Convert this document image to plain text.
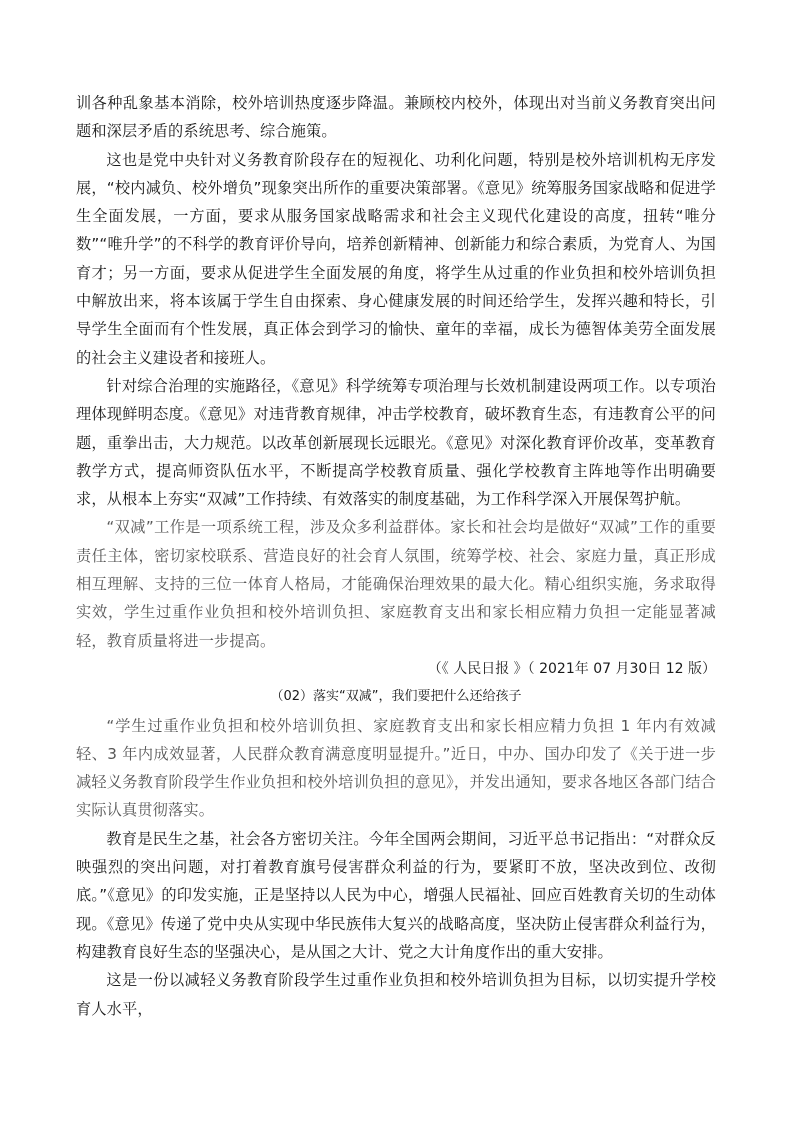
训各种乱象基本消除，校外培训热度逐步降温。兼顾校内校外，体现出对当前义务教育突出问题和深层矛盾的系统思考、综合施策。

这也是党中央针对义务教育阶段存在的短视化、功利化问题，特别是校外培训机构无序发展，“校内减负、校外增负”现象突出所作的重要决策部署。《意见》统筹服务国家战略和促进学生全面发展，一方面，要求从服务国家战略需求和社会主义现代化建设的高度，扭转“唯分数”“唯升学”的不科学的教育评价导向，培养创新精神、创新能力和综合素质，为党育人、为国育才；另一方面，要求从促进学生全面发展的角度，将学生从过重的作业负担和校外培训负担中解放出来，将本该属于学生自由探索、身心健康发展的时间还给学生，发挥兴趣和特长，引导学生全面而有个性发展，真正体会到学习的愉快、童年的幸福，成长为德智体美劳全面发展的社会主义建设者和接班人。

针对综合治理的实施路径，《意见》科学统筹专项治理与长效机制建设两项工作。以专项治理体现鲜明态度。《意见》对违背教育规律，冲击学校教育，破坏教育生态，有违教育公平的问题，重拳出击，大力规范。以改革创新展现长远眼光。《意见》对深化教育评价改革，变革教育教学方式，提高师资队伍水平，不断提高学校教育质量、强化学校教育主阵地等作出明确要求，从根本上夯实“双减”工作持续、有效落实的制度基础，为工作科学深入开展保驾护航。

“双减”工作是一项系统工程，涉及众多利益群体。家长和社会均是做好“双减”工作的重要责任主体，密切家校联系、营造良好的社会育人氛围，统筹学校、社会、家庭力量，真正形成相互理解、支持的三位一体育人格局，才能确保治理效果的最大化。精心组织实施，务求取得实效，学生过重作业负担和校外培训负担、家庭教育支出和家长相应精力负担一定能显著减轻，教育质量将进一步提高。

（《 人民日报 》（ 2021年 07 月30日 12 版）

（02）落实“双减”，我们要把什么还给孩子

“学生过重作业负担和校外培训负担、家庭教育支出和家长相应精力负担 1 年内有效减轻、3 年内成效显著，人民群众教育满意度明显提升。”近日，中办、国办印发了《关于进一步减轻义务教育阶段学生作业负担和校外培训负担的意见》，并发出通知，要求各地区各部门结合实际认真贯彻落实。

教育是民生之基，社会各方密切关注。今年全国两会期间，习近平总书记指出：“对群众反映强烈的突出问题，对打着教育旗号侵害群众利益的行为，要紧盯不放，坚决改到位、改彻底。”《意见》的印发实施，正是坚持以人民为中心，增强人民福祉、回应百姓教育关切的生动体现。《意见》传递了党中央从实现中华民族伟大复兴的战略高度，坚决防止侵害群众利益行为，构建教育良好生态的坚强决心，是从国之大计、党之大计角度作出的重大安排。

这是一份以减轻义务教育阶段学生过重作业负担和校外培训负担为目标，以切实提升学校育人水平，
